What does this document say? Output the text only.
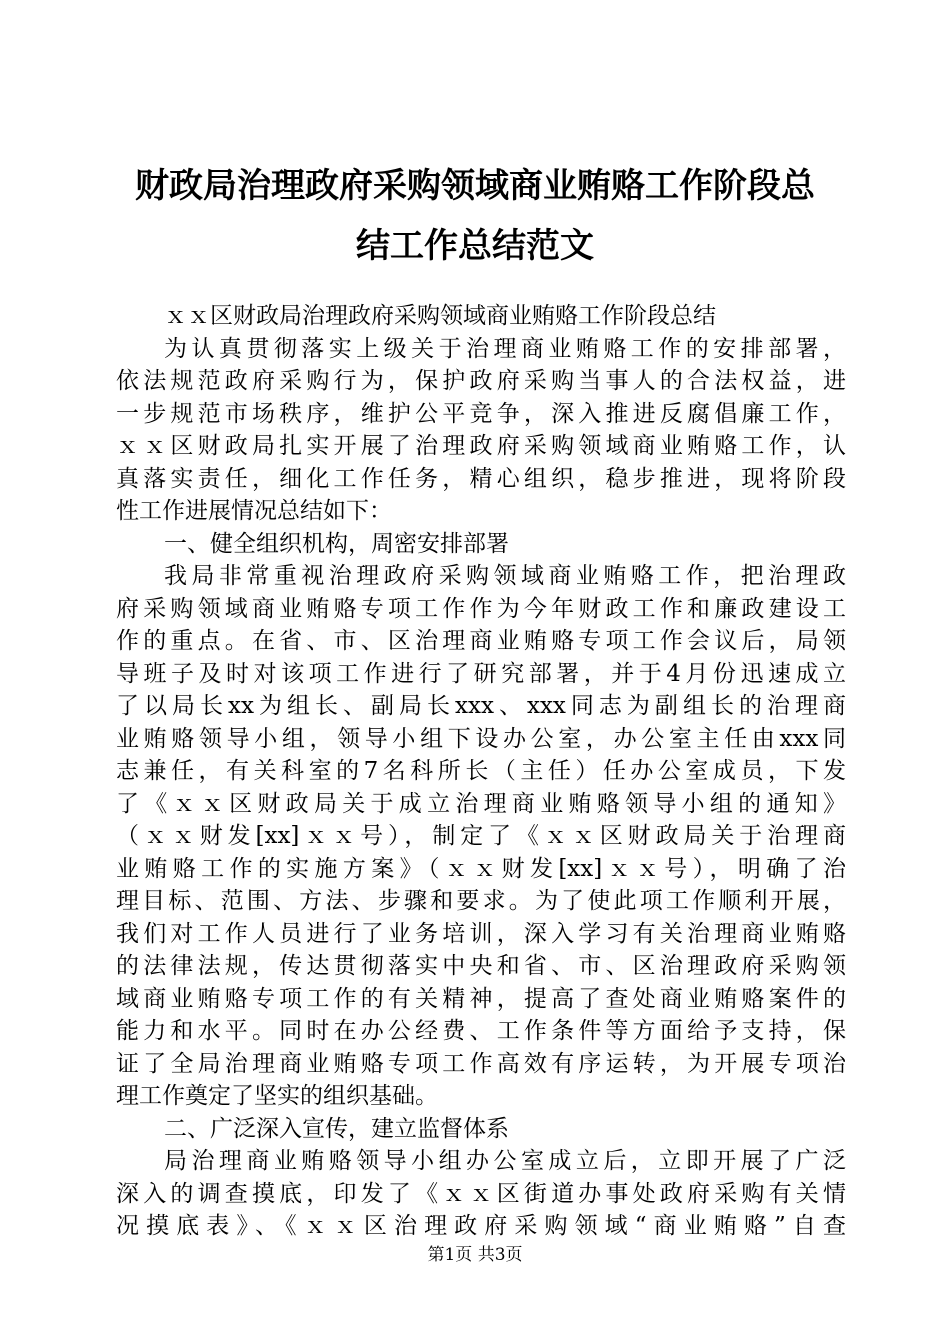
财政局治理政府采购领域商业贿赂工作阶段总
结工作总结范文
ｘｘ区财政局治理政府采购领域商业贿赂工作阶段总结
为认真贯彻落实上级关于治理商业贿赂工作的安排部署，
依法规范政府采购行为，保护政府采购当事人的合法权益，进
一步规范市场秩序，维护公平竞争，深入推进反腐倡廉工作，
ｘｘ区财政局扎实开展了治理政府采购领域商业贿赂工作，认
真落实责任，细化工作任务，精心组织，稳步推进，现将阶段
性工作进展情况总结如下：
一、健全组织机构，周密安排部署
我局非常重视治理政府采购领域商业贿赂工作，把治理政
府采购领域商业贿赂专项工作作为今年财政工作和廉政建设工
作的重点。在省、市、区治理商业贿赂专项工作会议后，局领
导班子及时对该项工作进行了研究部署，并于4月份迅速成立
了以局长xx为组长、副局长xxx、xxx同志为副组长的治理商
业贿赂领导小组，领导小组下设办公室，办公室主任由xxx同
志兼任，有关科室的7名科所长（主任）任办公室成员，下发
了《ｘｘ区财政局关于成立治理商业贿赂领导小组的通知》
（ｘｘ财发[xx]ｘｘ号），制定了《ｘｘ区财政局关于治理商
业贿赂工作的实施方案》（ｘｘ财发[xx]ｘｘ号），明确了治
理目标、范围、方法、步骤和要求。为了使此项工作顺利开展，
我们对工作人员进行了业务培训，深入学习有关治理商业贿赂
的法律法规，传达贯彻落实中央和省、市、区治理政府采购领
域商业贿赂专项工作的有关精神，提高了查处商业贿赂案件的
能力和水平。同时在办公经费、工作条件等方面给予支持，保
证了全局治理商业贿赂专项工作高效有序运转，为开展专项治
理工作奠定了坚实的组织基础。
二、广泛深入宣传，建立监督体系
局治理商业贿赂领导小组办公室成立后，立即开展了广泛
深入的调查摸底，印发了《ｘｘ区街道办事处政府采购有关情
况摸底表》、《ｘｘ区治理政府采购领域“商业贿赂”自查
第1页 共3页
